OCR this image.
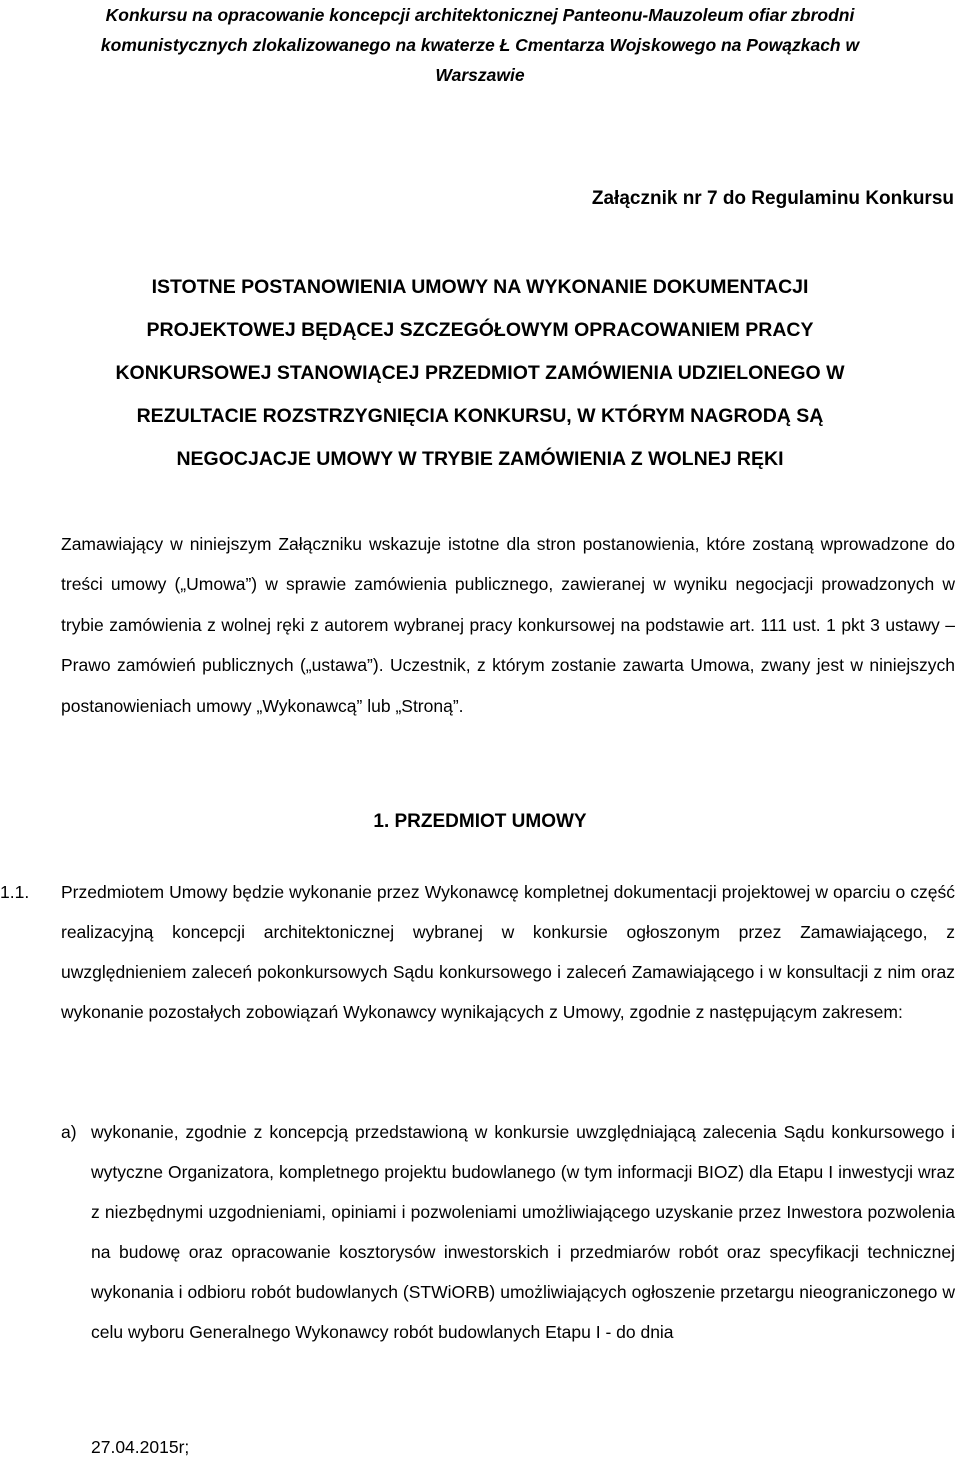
Konkursu na opracowanie koncepcji architektonicznej Panteonu-Mauzoleum ofiar zbrodni
komunistycznych zlokalizowanego na kwaterze Ł Cmentarza Wojskowego na Powązkach w
Warszawie
Załącznik nr 7 do Regulaminu Konkursu
ISTOTNE POSTANOWIENIA UMOWY NA WYKONANIE DOKUMENTACJI
PROJEKTOWEJ BĘDĄCEJ SZCZEGÓŁOWYM OPRACOWANIEM PRACY
KONKURSOWEJ STANOWIĄCEJ PRZEDMIOT ZAMÓWIENIA UDZIELONEGO W
REZULTACIE ROZSTRZYGNIĘCIA KONKURSU, W KTÓRYM NAGRODĄ SĄ
NEGOCJACJE UMOWY W TRYBIE ZAMÓWIENIA Z WOLNEJ RĘKI
Zamawiający w niniejszym Załączniku wskazuje istotne dla stron postanowienia, które zostaną wprowadzone do treści umowy („Umowa”) w sprawie zamówienia publicznego, zawieranej w wyniku negocjacji prowadzonych w trybie zamówienia z wolnej ręki z autorem wybranej pracy konkursowej na podstawie art. 111 ust. 1 pkt 3 ustawy – Prawo zamówień publicznych („ustawa”). Uczestnik, z którym zostanie zawarta Umowa, zwany jest w niniejszych postanowieniach umowy „Wykonawcą” lub „Stroną”.
1. PRZEDMIOT UMOWY
1.1. Przedmiotem Umowy będzie wykonanie przez Wykonawcę kompletnej dokumentacji projektowej w oparciu o część realizacyjną koncepcji architektonicznej wybranej w konkursie ogłoszonym przez Zamawiającego, z uwzględnieniem zaleceń pokonkursowych Sądu konkursowego i zaleceń Zamawiającego i w konsultacji z nim oraz wykonanie pozostałych zobowiązań Wykonawcy wynikających z Umowy, zgodnie z następującym zakresem:
a) wykonanie, zgodnie z koncepcją przedstawioną w konkursie uwzględniającą zalecenia Sądu konkursowego i wytyczne Organizatora, kompletnego projektu budowlanego (w tym informacji BIOZ) dla Etapu I inwestycji wraz z niezbędnymi uzgodnieniami, opiniami i pozwoleniami umożliwiającego uzyskanie przez Inwestora pozwolenia na budowę oraz opracowanie kosztorysów inwestorskich i przedmiarów robót oraz specyfikacji technicznej wykonania i odbioru robót budowlanych (STWiORB) umożliwiających ogłoszenie przetargu nieograniczonego w celu wyboru Generalnego Wykonawcy robót budowlanych Etapu I - do dnia
27.04.2015r;
